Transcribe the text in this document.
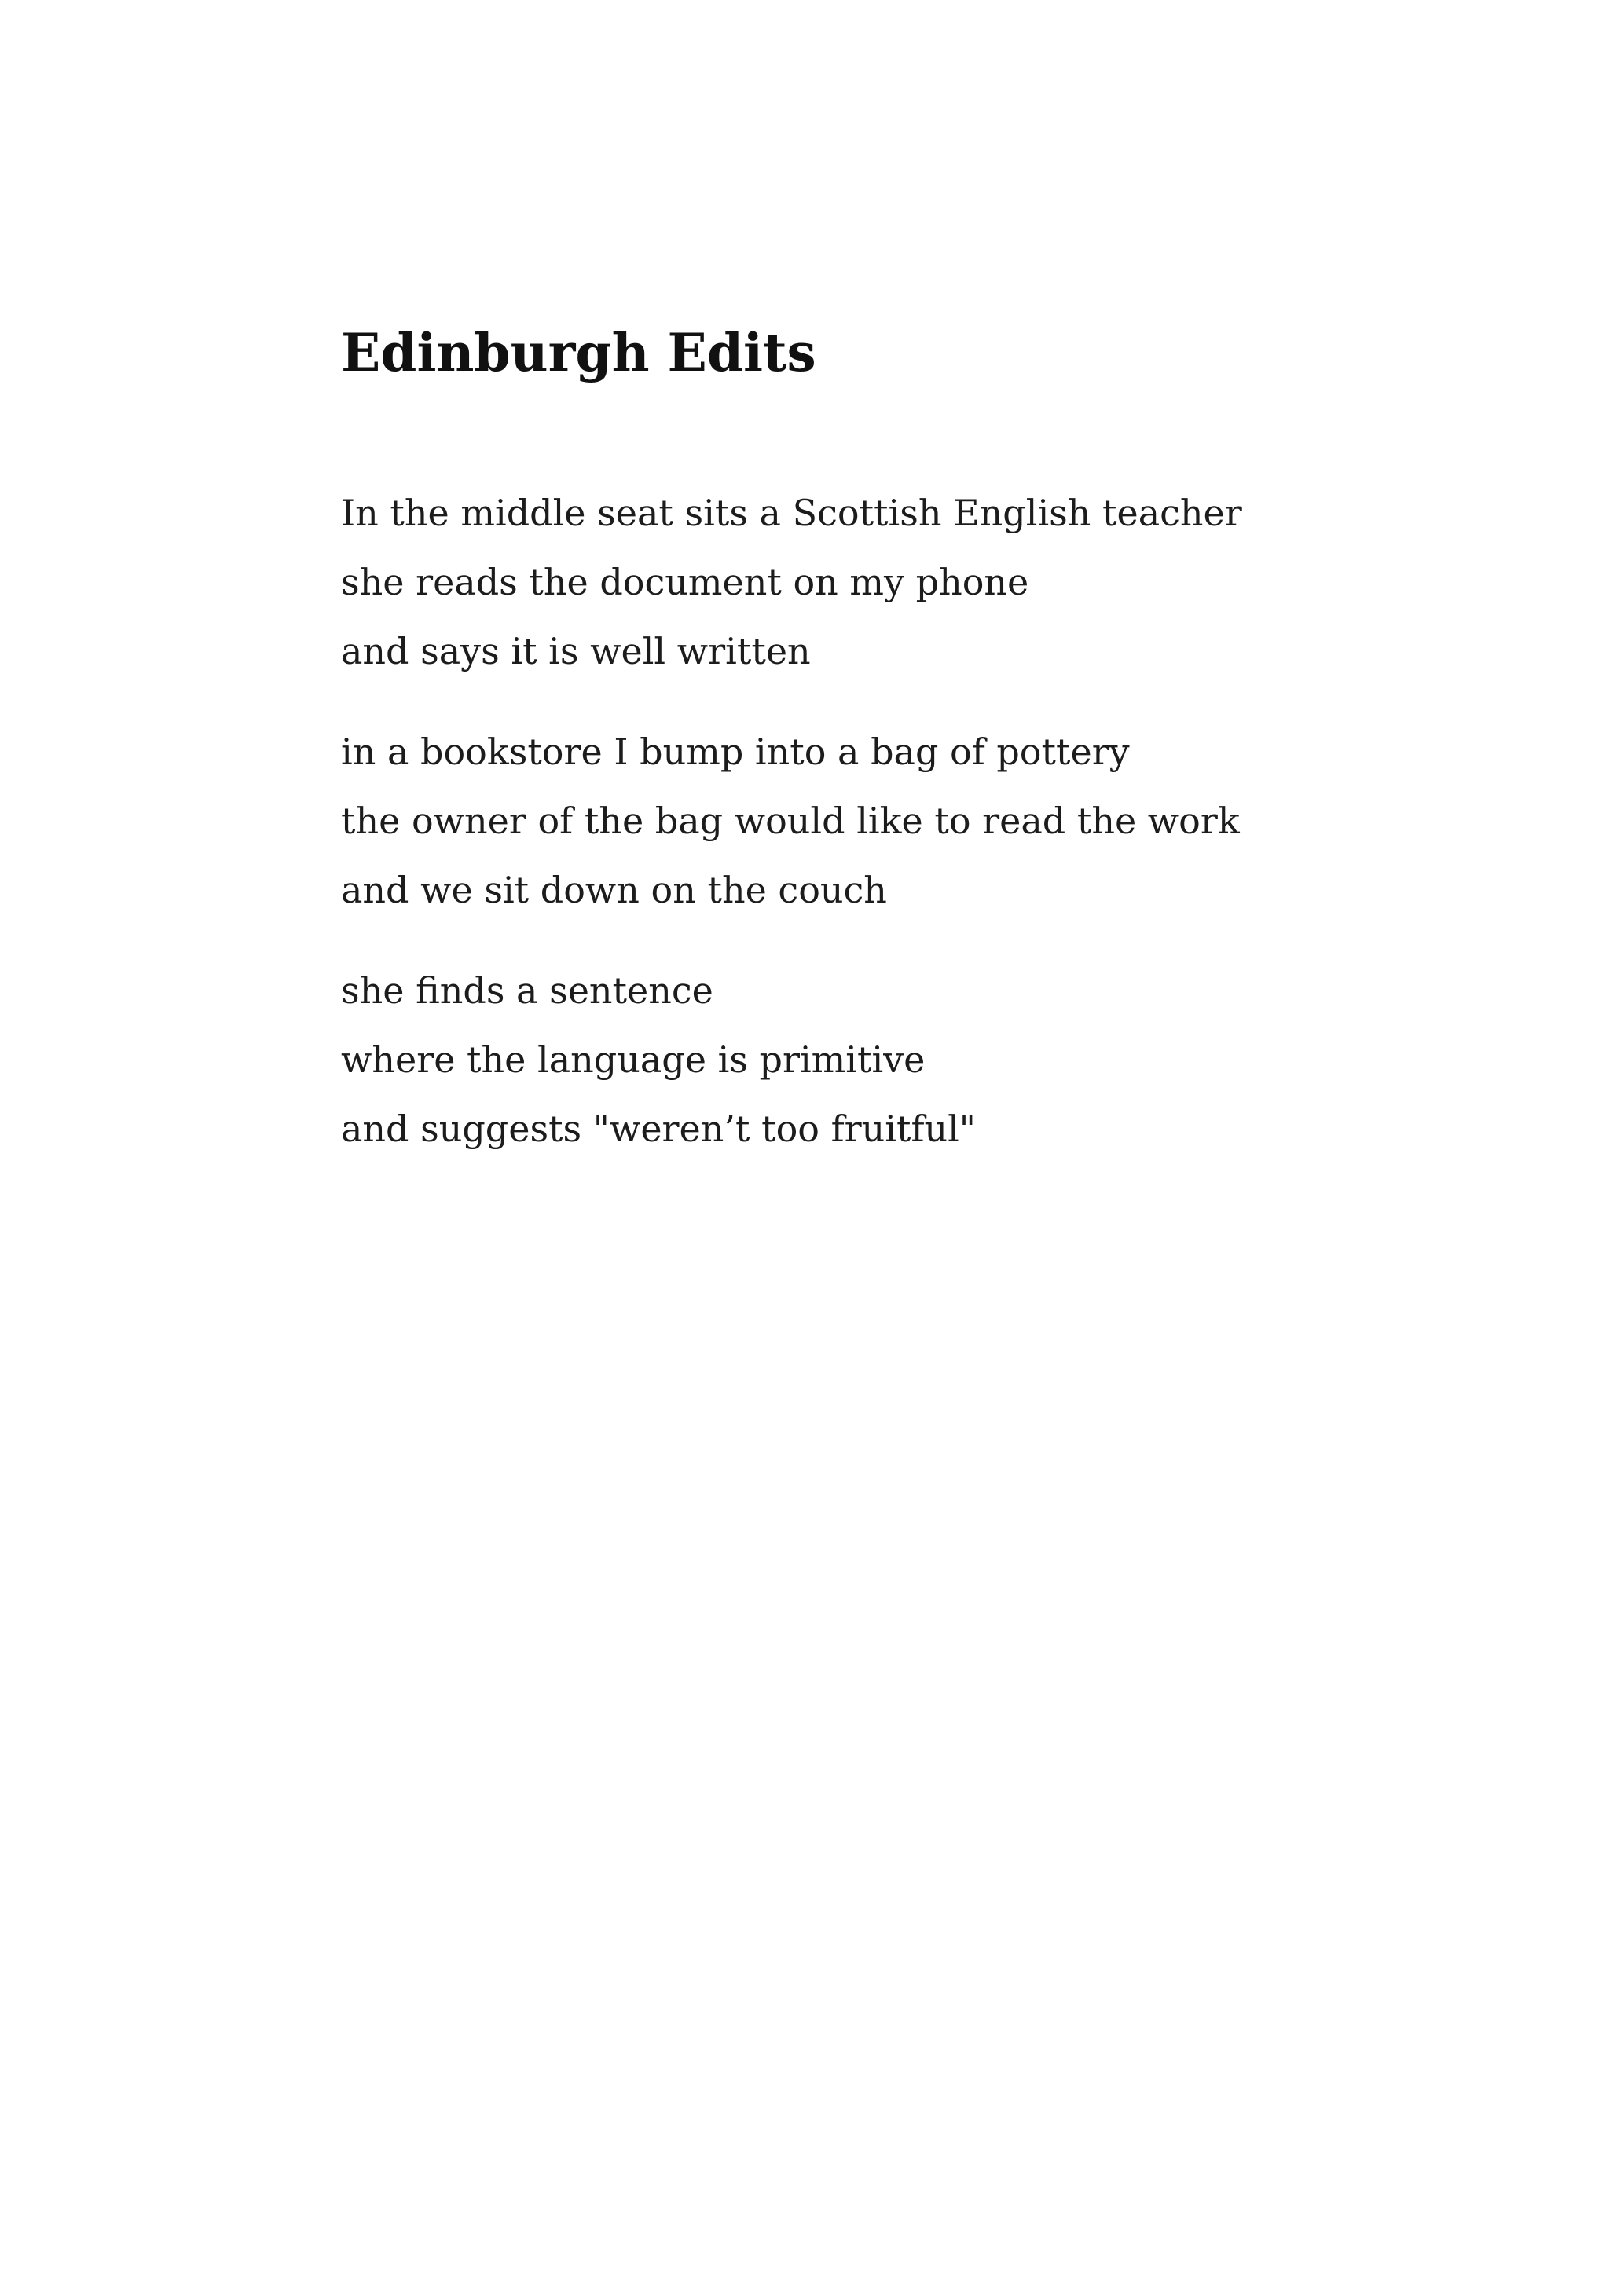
Edinburgh Edits
In the middle seat sits a Scottish English teacher
she reads the document on my phone
and says it is well written
in a bookstore I bump into a bag of pottery
the owner of the bag would like to read the work
and we sit down on the couch
she finds a sentence
where the language is primitive
and suggests "weren’t too fruitful"
